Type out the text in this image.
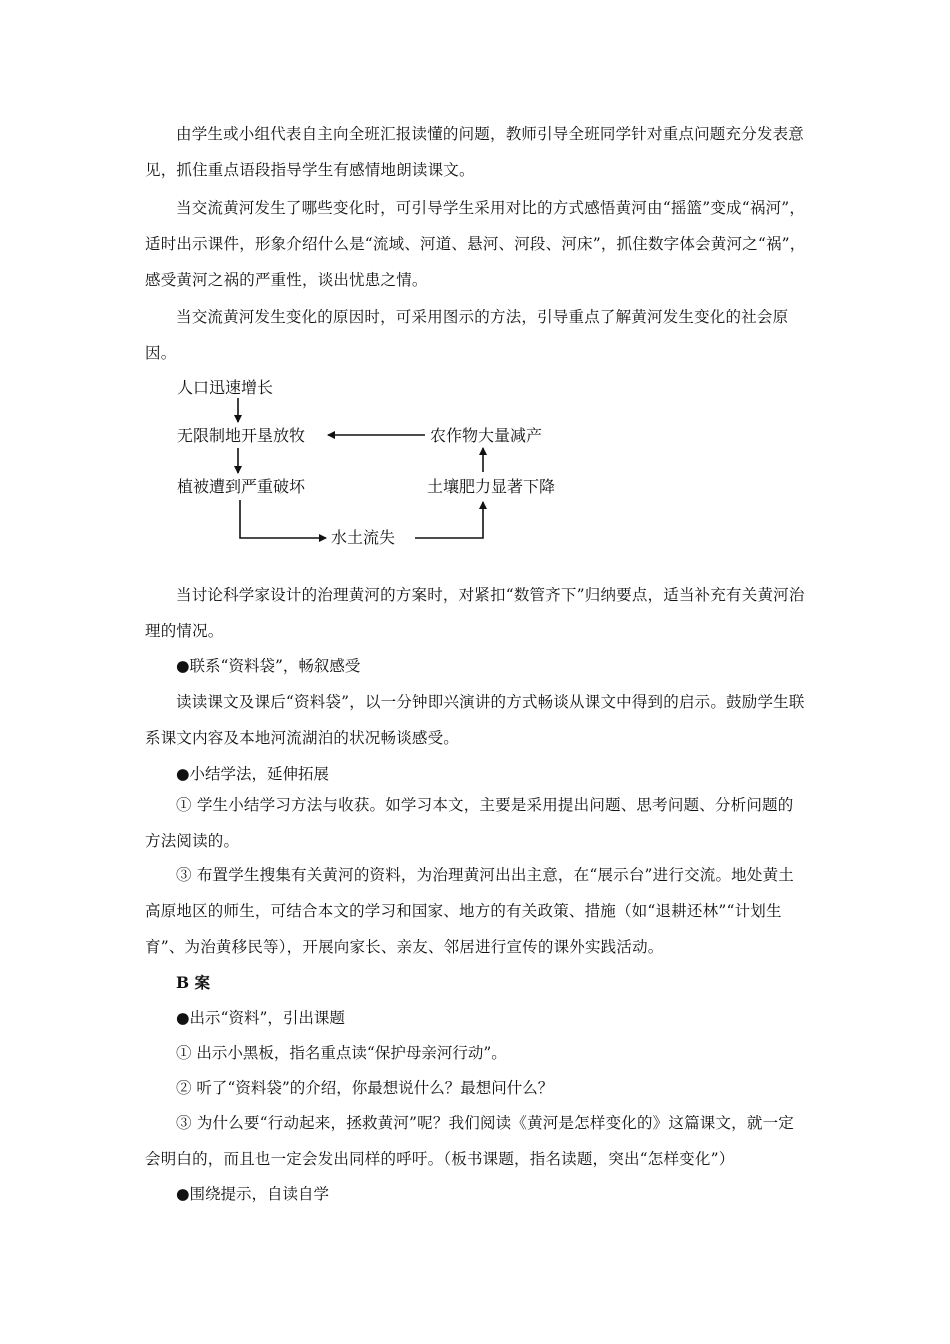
由学生或小组代表自主向全班汇报读懂的问题，教师引导全班同学针对重点问题充分发表意见，抓住重点语段指导学生有感情地朗读课文。

当交流黄河发生了哪些变化时，可引导学生采用对比的方式感悟黄河由“摇篮”变成“祸河”，适时出示课件，形象介绍什么是“流域、河道、悬河、河段、河床”，抓住数字体会黄河之“祸”，感受黄河之祸的严重性，谈出忧患之情。

当交流黄河发生变化的原因时，可采用图示的方法，引导重点了解黄河发生变化的社会原因。

人口迅速增长
无限制地开垦放牧
植被遭到严重破坏
水土流失
土壤肥力显著下降
农作物大量减产

当讨论科学家设计的治理黄河的方案时，对紧扣“数管齐下”归纳要点，适当补充有关黄河治理的情况。

●联系“资料袋”，畅叙感受

读读课文及课后“资料袋”，以一分钟即兴演讲的方式畅谈从课文中得到的启示。鼓励学生联系课文内容及本地河流湖泊的状况畅谈感受。

●小结学法，延伸拓展

① 学生小结学习方法与收获。如学习本文，主要是采用提出问题、思考问题、分析问题的方法阅读的。

③ 布置学生搜集有关黄河的资料，为治理黄河出出主意，在“展示台”进行交流。地处黄土高原地区的师生，可结合本文的学习和国家、地方的有关政策、措施（如“退耕还林”“计划生育”、为治黄移民等），开展向家长、亲友、邻居进行宣传的课外实践活动。

B 案

●出示“资料”，引出课题

① 出示小黑板，指名重点读“保护母亲河行动”。

② 听了“资料袋”的介绍，你最想说什么？最想问什么？

③ 为什么要“行动起来，拯救黄河”呢？我们阅读《黄河是怎样变化的》这篇课文，就一定会明白的，而且也一定会发出同样的呼吁。（板书课题，指名读题，突出“怎样变化”）

●围绕提示，自读自学
